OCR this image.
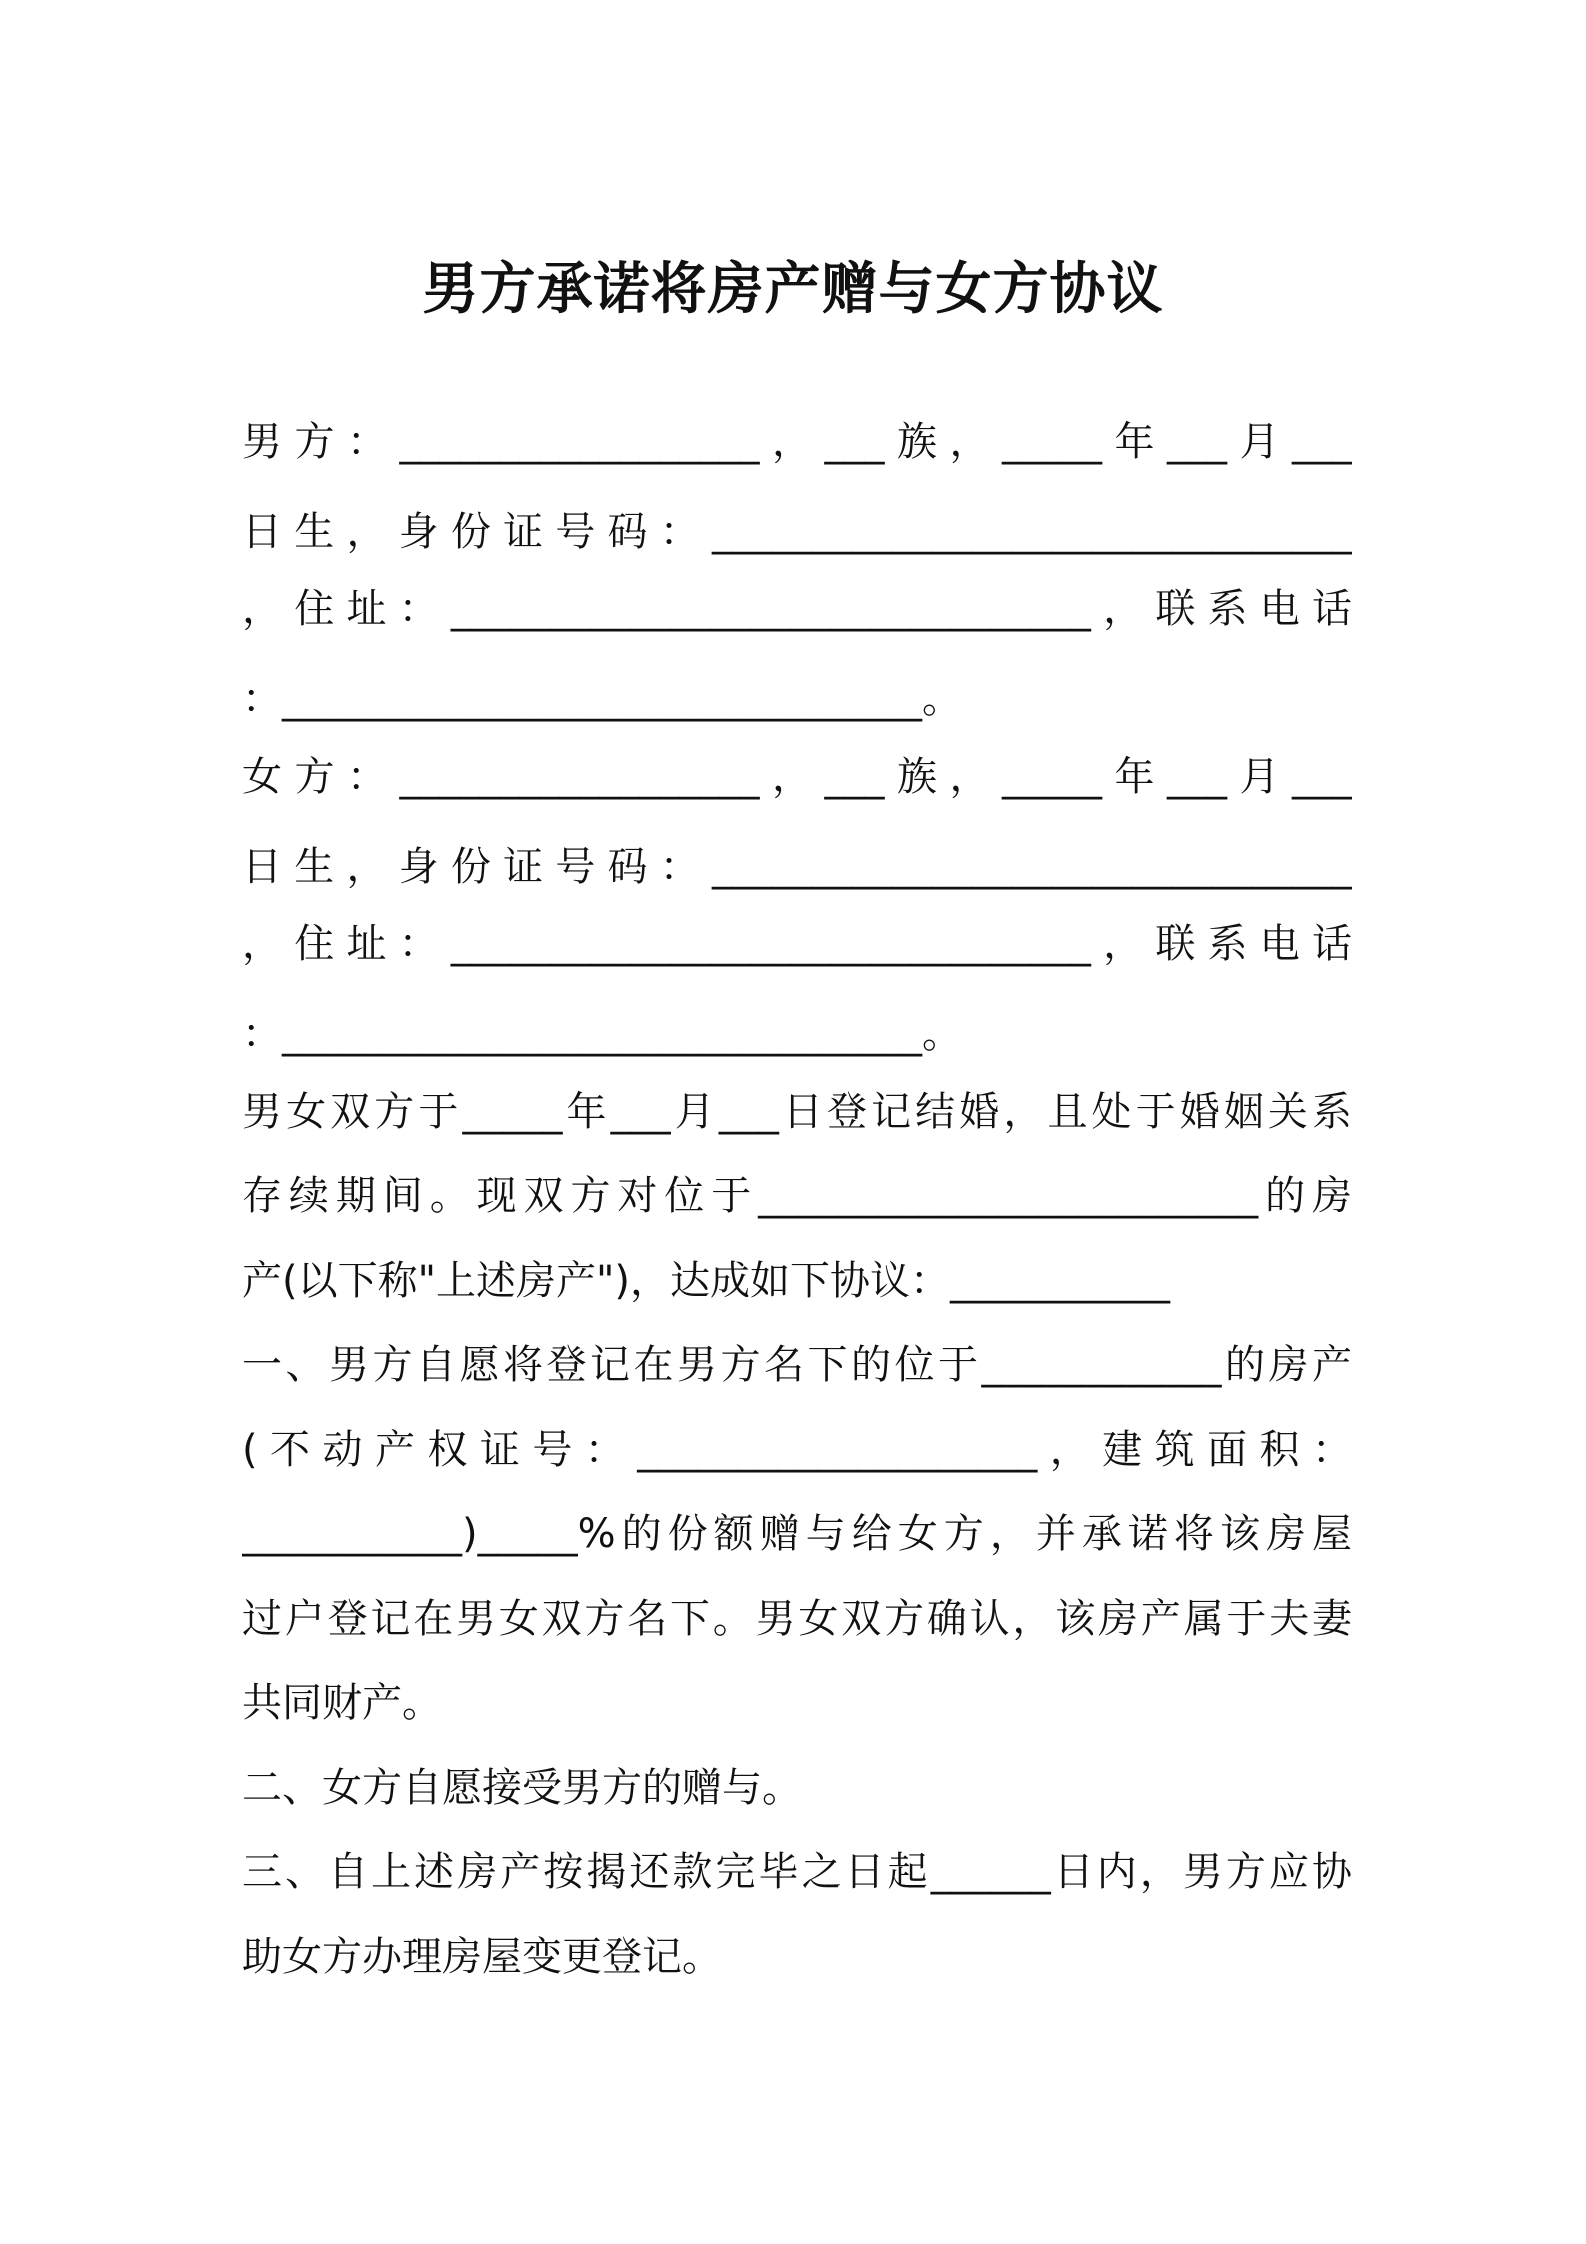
男方承诺将房产赠与女方协议
男方：__________________，___族，_____年___月___
日生，身份证号码：________________________________
，住址：________________________________，联系电话
：________________________________。
女方：__________________，___族，_____年___月___
日生，身份证号码：________________________________
，住址：________________________________，联系电话
：________________________________。
男女双方于_____年___月___日登记结婚，且处于婚姻关系
存续期间。现双方对位于_________________________的房
产(以下称"上述房产")，达成如下协议：___________
一、男方自愿将登记在男方名下的位于____________的房产
(不动产权证号：____________________，建筑面积：
___________)_____%的份额赠与给女方，并承诺将该房屋
过户登记在男女双方名下。男女双方确认，该房产属于夫妻
共同财产。
二、女方自愿接受男方的赠与。
三、自上述房产按揭还款完毕之日起______日内，男方应协
助女方办理房屋变更登记。
